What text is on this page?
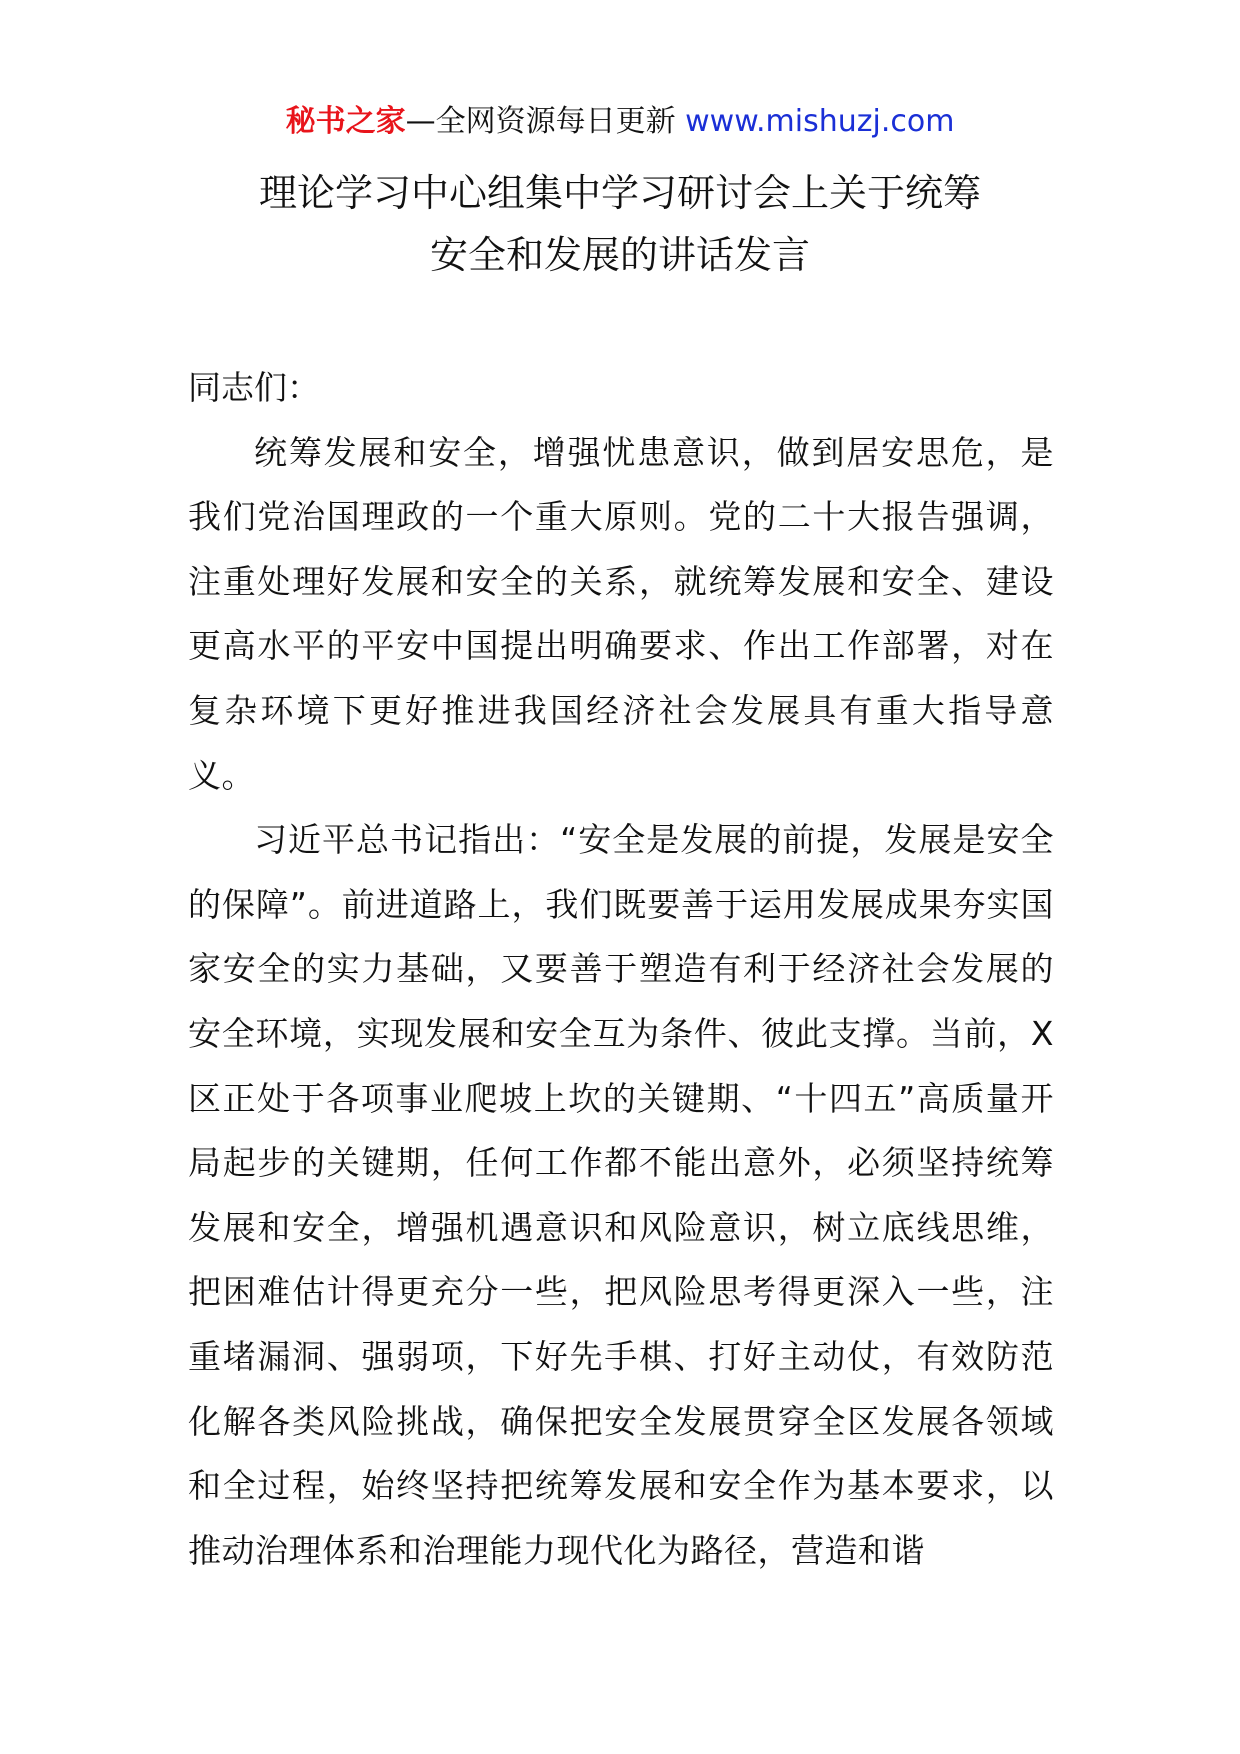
秘书之家—全网资源每日更新 www.mishuzj.com
理论学习中心组集中学习研讨会上关于统筹
安全和发展的讲话发言

同志们：

统筹发展和安全，增强忧患意识，做到居安思危，是我们党治国理政的一个重大原则。党的二十大报告强调，注重处理好发展和安全的关系，就统筹发展和安全、建设更高水平的平安中国提出明确要求、作出工作部署，对在复杂环境下更好推进我国经济社会发展具有重大指导意义。

习近平总书记指出：“安全是发展的前提，发展是安全的保障”。前进道路上，我们既要善于运用发展成果夯实国家安全的实力基础，又要善于塑造有利于经济社会发展的安全环境，实现发展和安全互为条件、彼此支撑。当前，X区正处于各项事业爬坡上坎的关键期、“十四五”高质量开局起步的关键期，任何工作都不能出意外，必须坚持统筹发展和安全，增强机遇意识和风险意识，树立底线思维，把困难估计得更充分一些，把风险思考得更深入一些，注重堵漏洞、强弱项，下好先手棋、打好主动仗，有效防范化解各类风险挑战，确保把安全发展贯穿全区发展各领域和全过程，始终坚持把统筹发展和安全作为基本要求，以推动治理体系和治理能力现代化为路径，营造和谐
